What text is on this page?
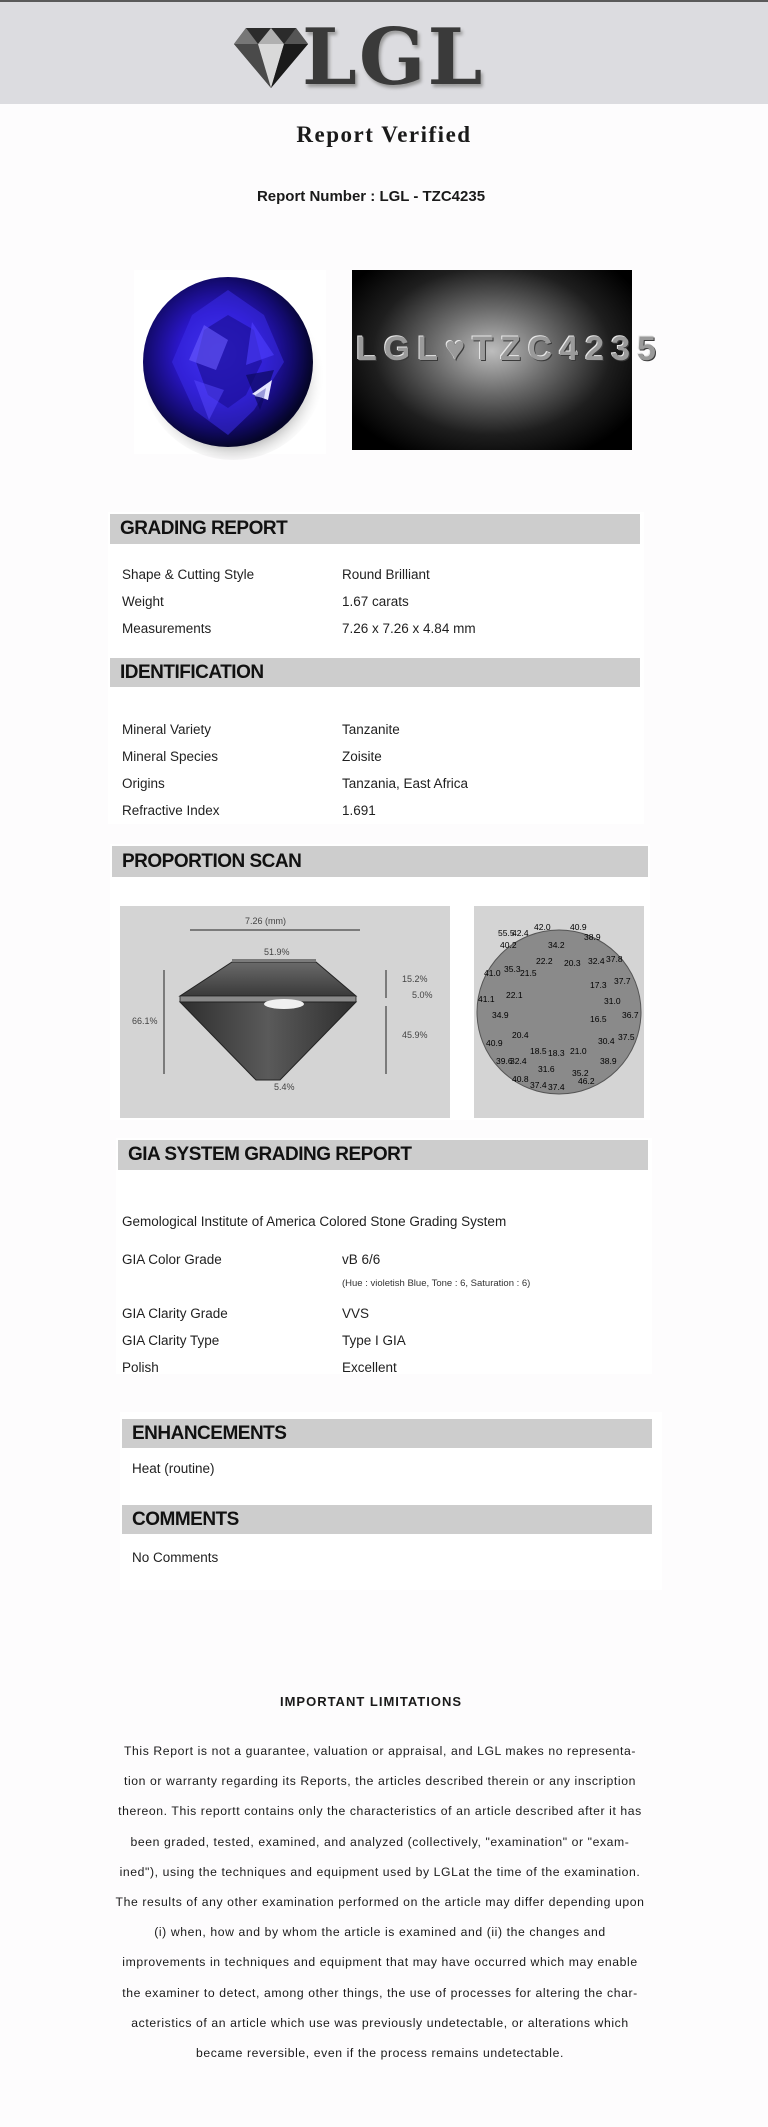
LGL
Report Verified
Report Number : LGL - TZC4235
LGL♥TZC4235
GRADING REPORT
Shape & Cutting Style	Round Brilliant
Weight	1.67 carats
Measurements	7.26 x 7.26 x 4.84 mm
IDENTIFICATION
Mineral Variety	Tanzanite
Mineral Species	Zoisite
Origins	Tanzania, East Africa
Refractive Index	1.691
PROPORTION SCAN
7.26 (mm)
51.9%
66.1%
15.2%
5.0%
45.9%
5.4%
55.5
42.4
42.0 40.9
38.9
40.2	34.2
41.0 35.3 21.5
22.2 20.3 32.4 37.8
17.3 37.7
41.1 22.1
31.0
34.9	16.5 36.7
20.4
30.4 37.5
40.9
18.5 18.3 21.0
39.6
32.4	38.9
31.6 35.2
40.8
37.4 37.4
46.2
GIA SYSTEM GRADING REPORT
Gemological Institute of America Colored Stone Grading System
GIA Color Grade	vB 6/6
(Hue : violetish Blue, Tone : 6, Saturation : 6)
GIA Clarity Grade	VVS
GIA Clarity Type	Type I GIA
Polish	Excellent
ENHANCEMENTS
Heat (routine)
COMMENTS
No Comments
IMPORTANT LIMITATIONS
This Report is not a guarantee, valuation or appraisal, and LGL makes no representa-tion or warranty regarding its Reports, the articles described therein or any inscription thereon. This reportt contains only the characteristics of an article described after it has been graded, tested, examined, and analyzed (collectively, "examination" or "exam-ined"), using the techniques and equipment used by LGLat the time of the examination. The results of any other examination performed on the article may differ depending upon (i) when, how and by whom the article is examined and (ii) the changes and improvements in techniques and equipment that may have occurred which may enable the examiner to detect, among other things, the use of processes for altering the char-acteristics of an article which use was previously undetectable, or alterations which became reversible, even if the process remains undetectable.
